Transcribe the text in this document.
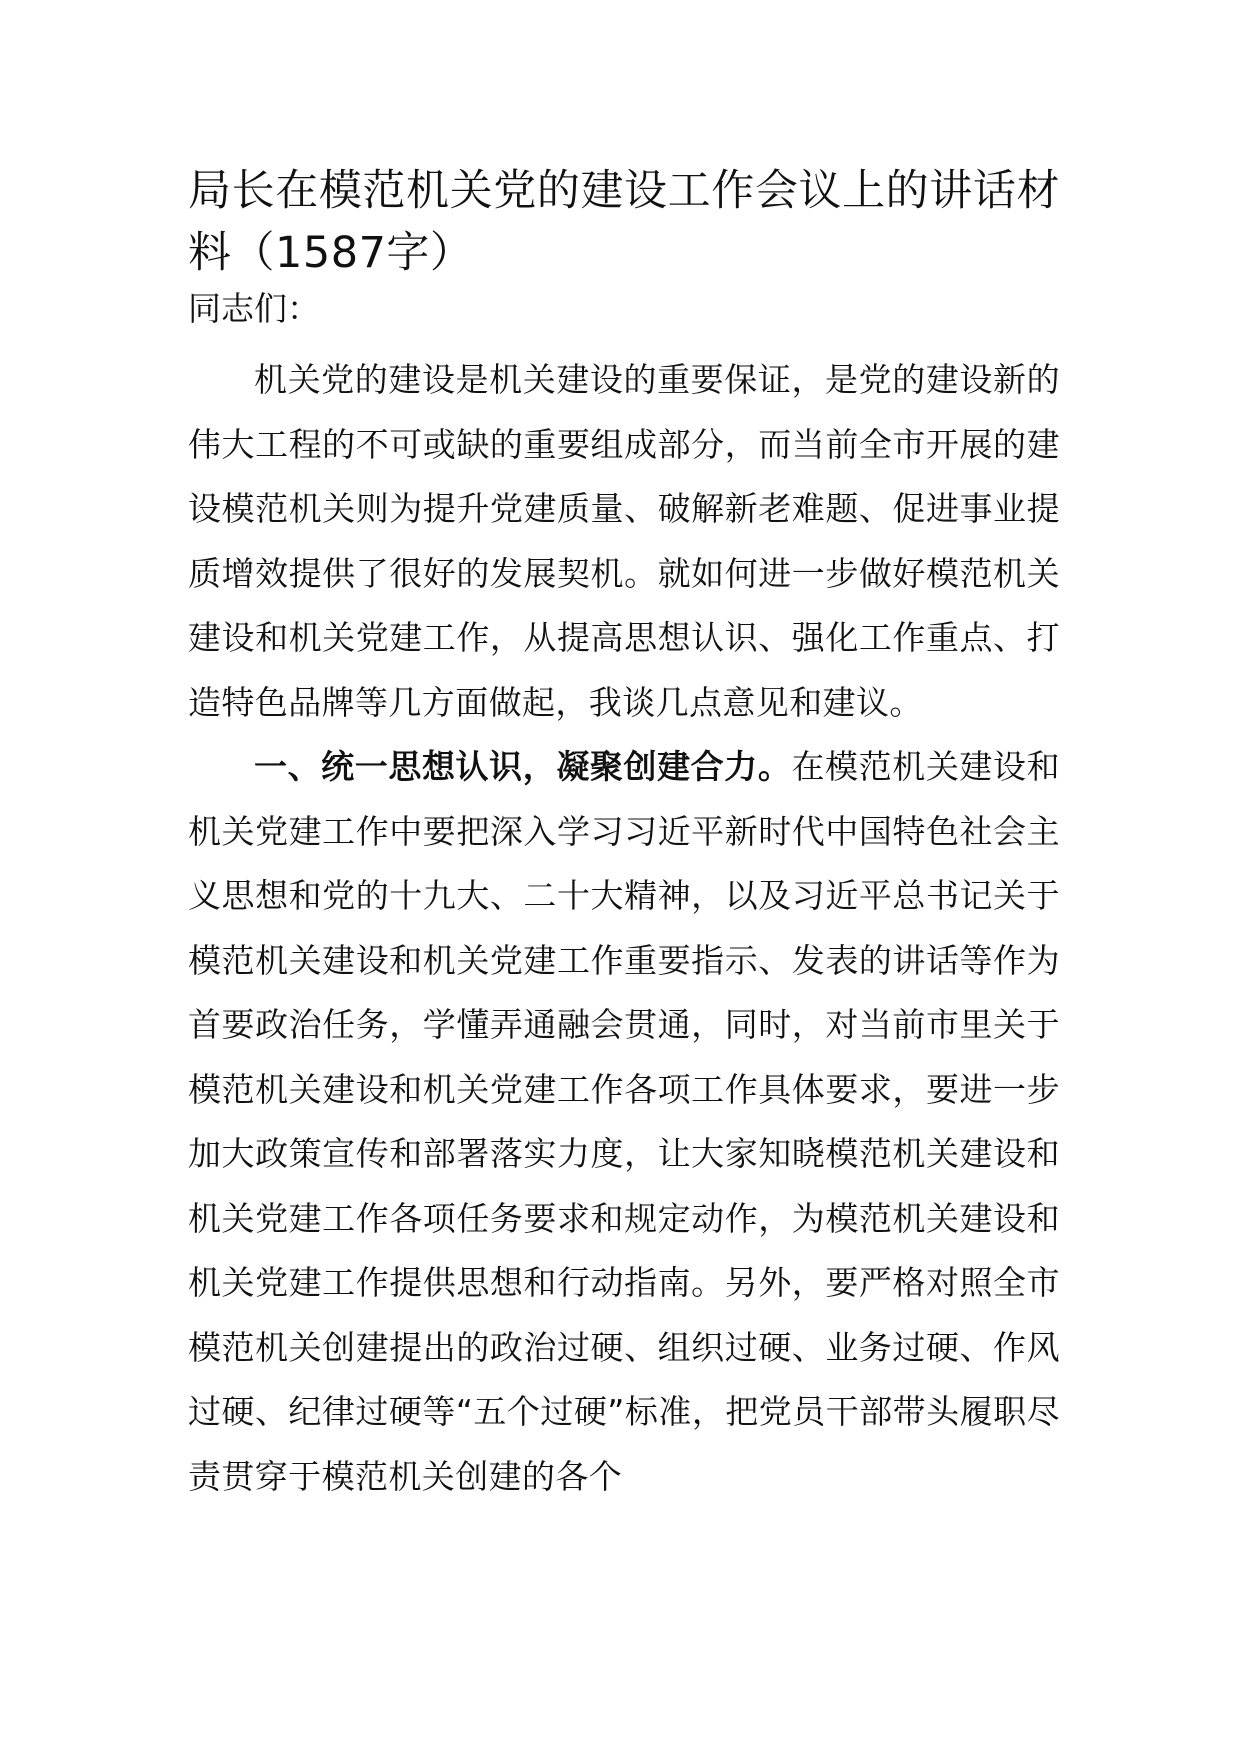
局长在模范机关党的建设工作会议上的讲话材料（1587字）

同志们：

机关党的建设是机关建设的重要保证，是党的建设新的伟大工程的不可或缺的重要组成部分，而当前全市开展的建设模范机关则为提升党建质量、破解新老难题、促进事业提质增效提供了很好的发展契机。就如何进一步做好模范机关建设和机关党建工作，从提高思想认识、强化工作重点、打造特色品牌等几方面做起，我谈几点意见和建议。

一、统一思想认识，凝聚创建合力。在模范机关建设和机关党建工作中要把深入学习习近平新时代中国特色社会主义思想和党的十九大、二十大精神，以及习近平总书记关于模范机关建设和机关党建工作重要指示、发表的讲话等作为首要政治任务，学懂弄通融会贯通，同时，对当前市里关于模范机关建设和机关党建工作各项工作具体要求，要进一步加大政策宣传和部署落实力度，让大家知晓模范机关建设和机关党建工作各项任务要求和规定动作，为模范机关建设和机关党建工作提供思想和行动指南。另外，要严格对照全市模范机关创建提出的政治过硬、组织过硬、业务过硬、作风过硬、纪律过硬等“五个过硬”标准，把党员干部带头履职尽责贯穿于模范机关创建的各个
